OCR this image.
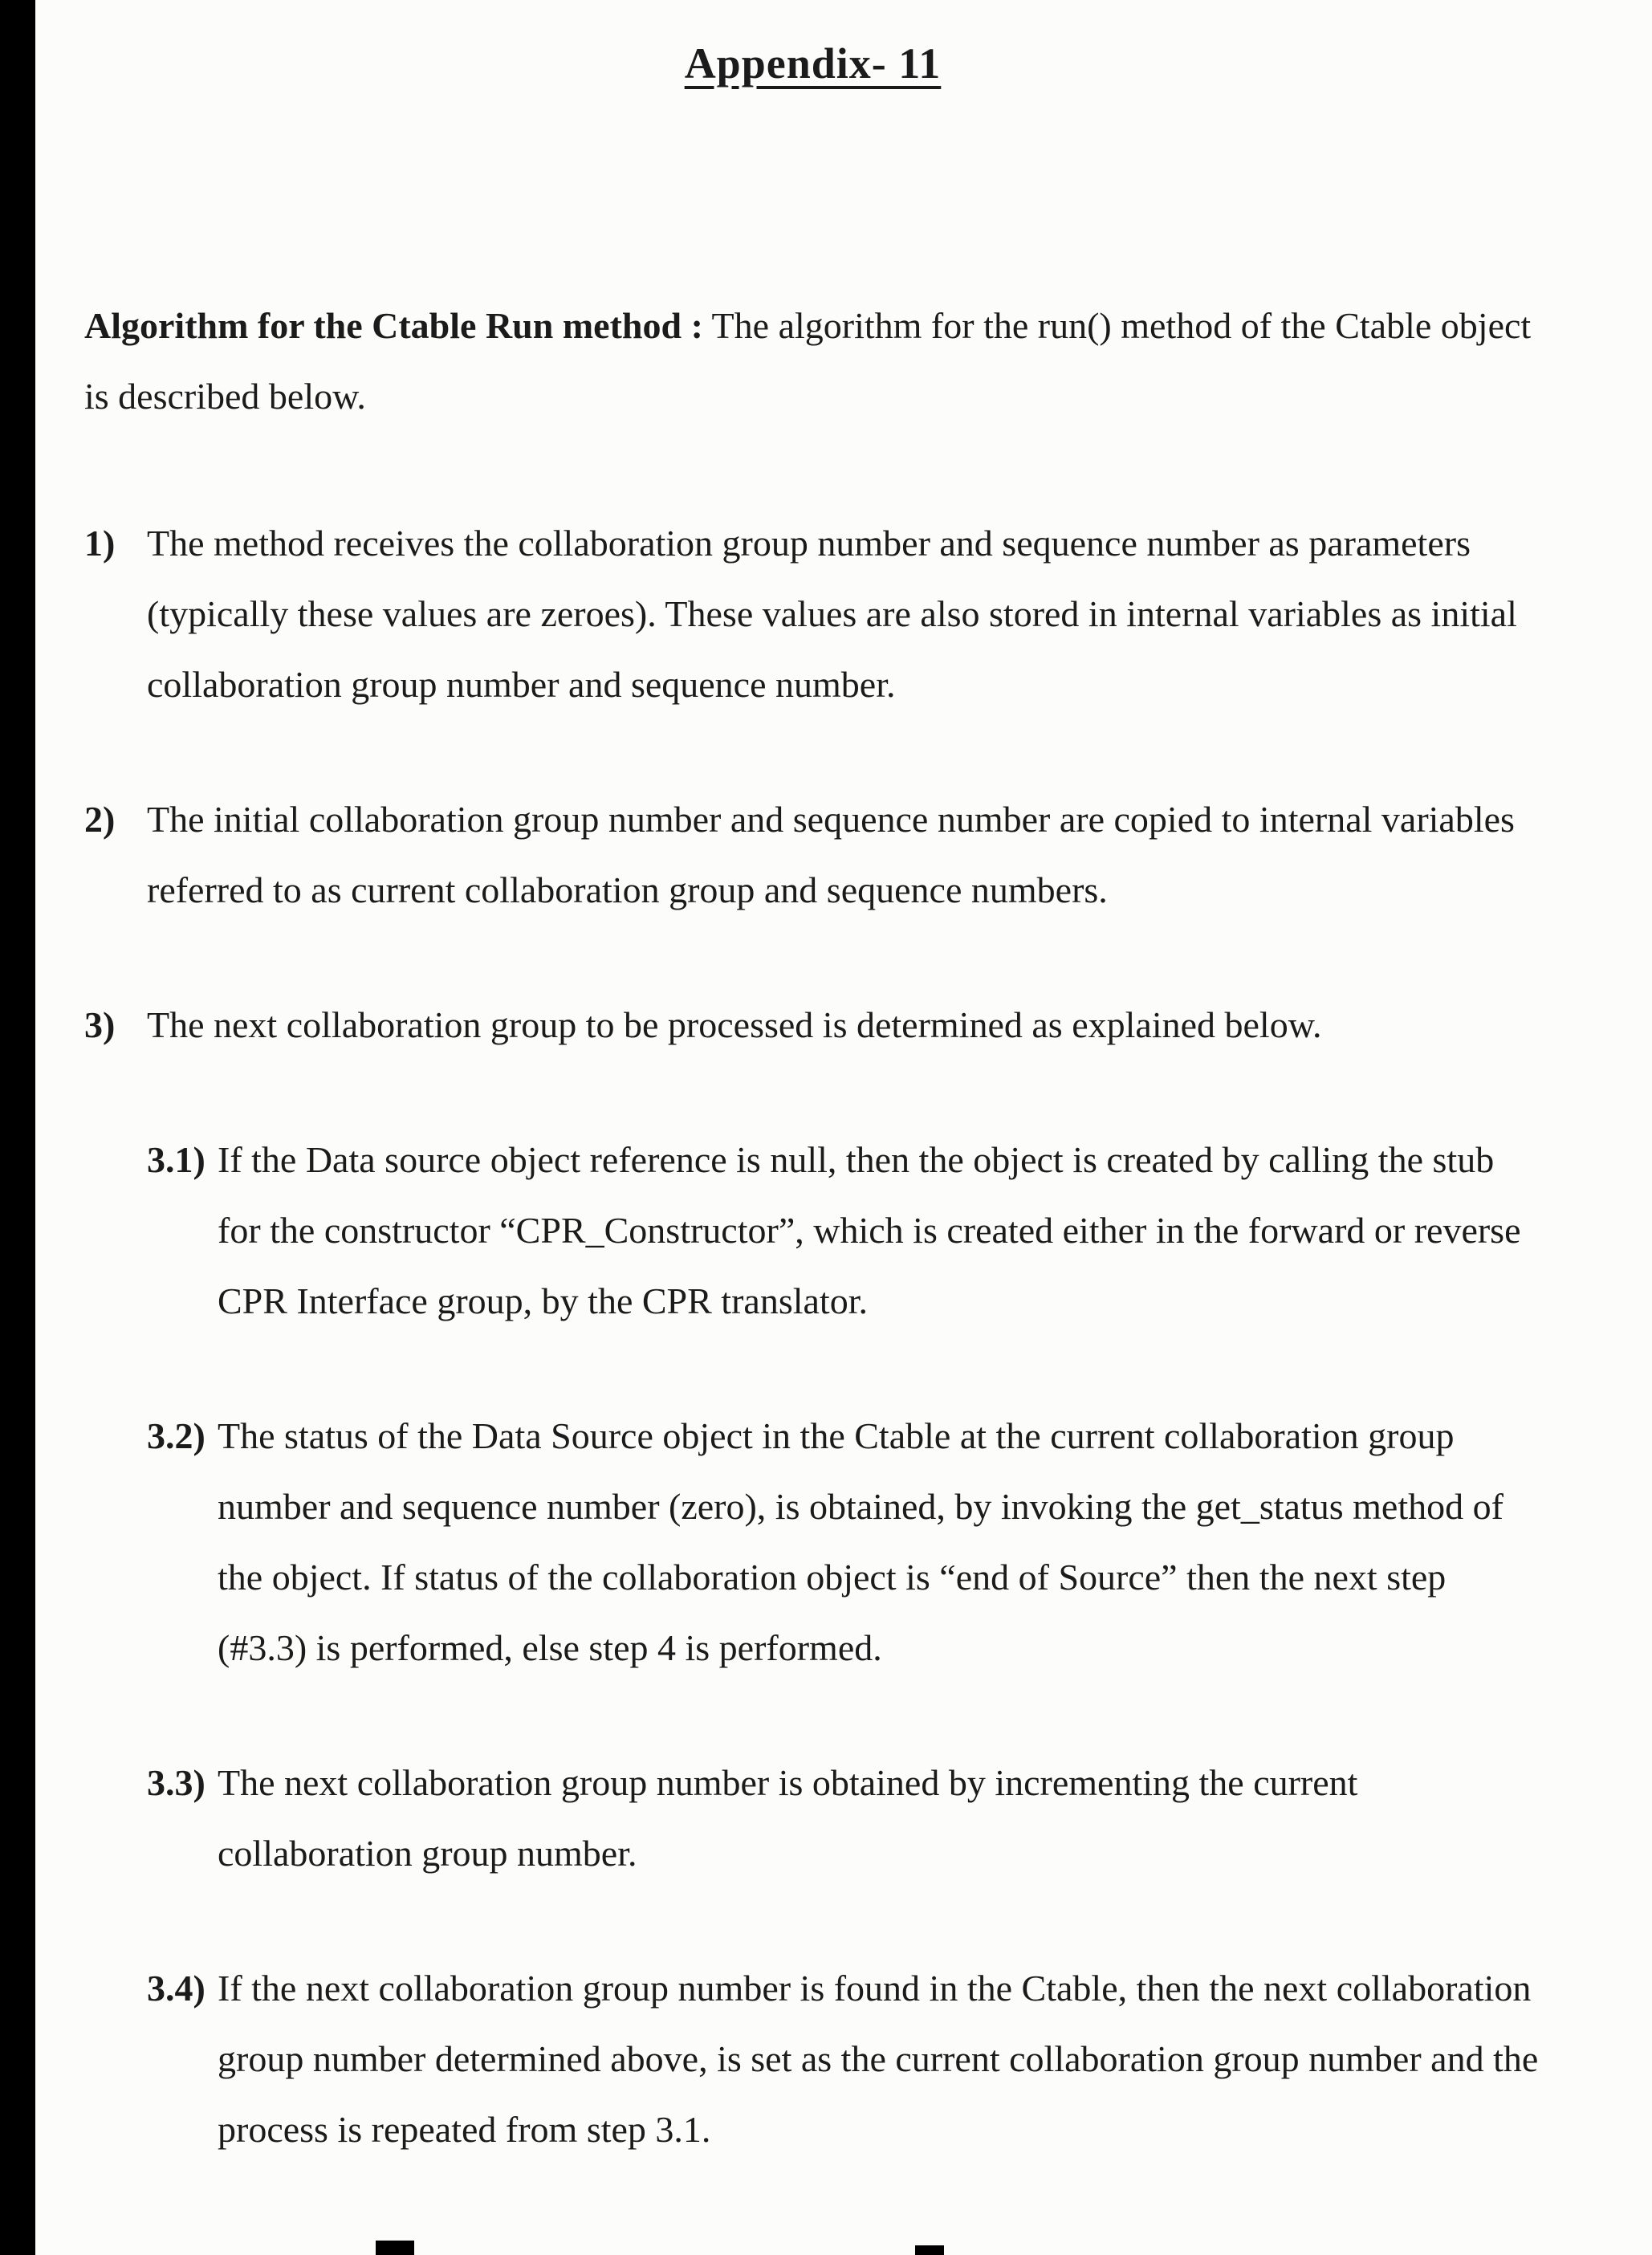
Appendix- 11

Algorithm for the Ctable Run method : The algorithm for the run() method of the Ctable object is described below.

1) The method receives the collaboration group number and sequence number as parameters (typically these values are zeroes). These values are also stored in internal variables as initial collaboration group number and sequence number.
2) The initial collaboration group number and sequence number are copied to internal variables referred to as current collaboration group and sequence numbers.
3) The next collaboration group to be processed is determined as explained below.
3.1) If the Data source object reference is null, then the object is created by calling the stub for the constructor “CPR_Constructor”, which is created either in the forward or reverse CPR Interface group, by the CPR translator.
3.2) The status of the Data Source object in the Ctable at the current collaboration group number and sequence number (zero), is obtained, by invoking the get_status method of the object. If status of the collaboration object is “end of Source” then the next step (#3.3) is performed, else step 4 is performed.
3.3) The next collaboration group number is obtained by incrementing the current collaboration group number.
3.4) If the next collaboration group number is found in the Ctable, then the next collaboration group number determined above, is set as the current collaboration group number and the process is repeated from step 3.1.
